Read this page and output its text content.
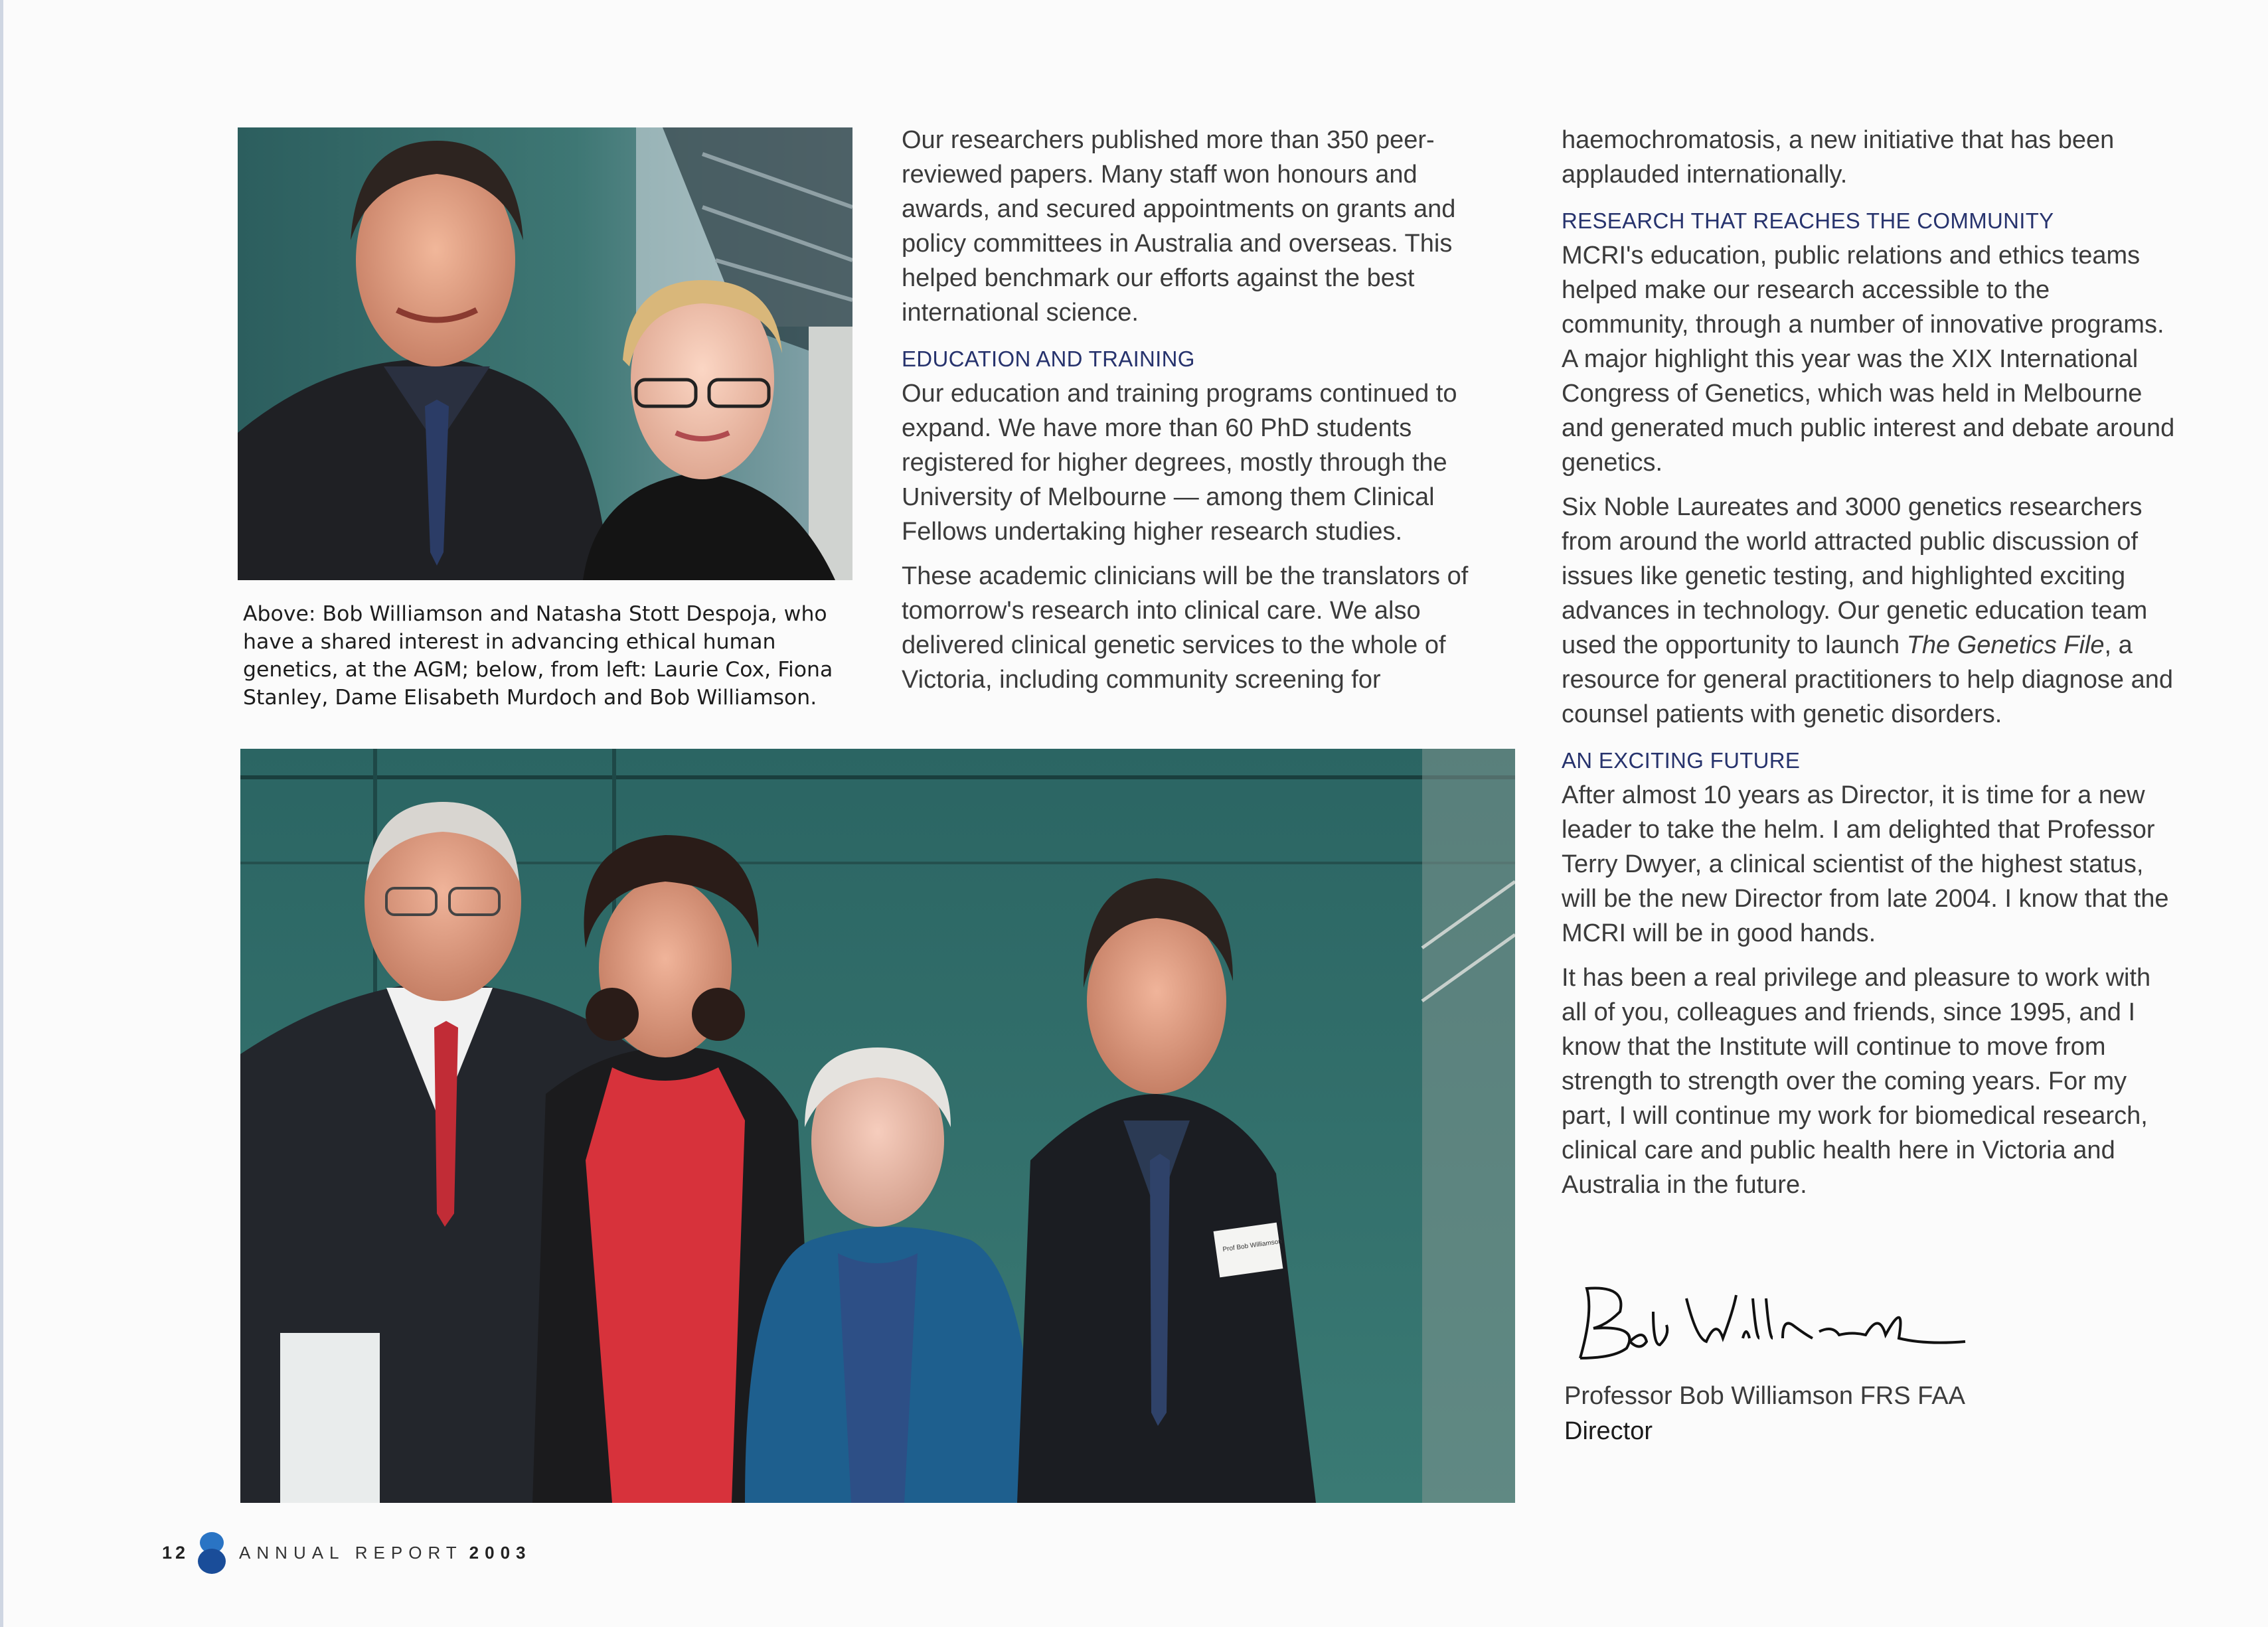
Above: Bob Williamson and Natasha Stott Despoja, who have a shared interest in advancing ethical human genetics, at the AGM; below, from left: Laurie Cox, Fiona Stanley, Dame Elisabeth Murdoch and Bob Williamson.

Our researchers published more than 350 peer-reviewed papers. Many staff won honours and awards, and secured appointments on grants and policy committees in Australia and overseas. This helped benchmark our efforts against the best international science.

EDUCATION AND TRAINING

Our education and training programs continued to expand. We have more than 60 PhD students registered for higher degrees, mostly through the University of Melbourne — among them Clinical Fellows undertaking higher research studies.

These academic clinicians will be the translators of tomorrow's research into clinical care. We also delivered clinical genetic services to the whole of Victoria, including community screening for

haemochromatosis, a new initiative that has been applauded internationally.

RESEARCH THAT REACHES THE COMMUNITY

MCRI's education, public relations and ethics teams helped make our research accessible to the community, through a number of innovative programs. A major highlight this year was the XIX International Congress of Genetics, which was held in Melbourne and generated much public interest and debate around genetics.

Six Noble Laureates and 3000 genetics researchers from around the world attracted public discussion of issues like genetic testing, and highlighted exciting advances in technology. Our genetic education team used the opportunity to launch The Genetics File, a resource for general practitioners to help diagnose and counsel patients with genetic disorders.

AN EXCITING FUTURE

After almost 10 years as Director, it is time for a new leader to take the helm. I am delighted that Professor Terry Dwyer, a clinical scientist of the highest status, will be the new Director from late 2004. I know that the MCRI will be in good hands.

It has been a real privilege and pleasure to work with all of you, colleagues and friends, since 1995, and I know that the Institute will continue to move from strength to strength over the coming years. For my part, I will continue my work for biomedical research, clinical care and public health here in Victoria and Australia in the future.

Prof Bob Williamson
Professor Bob Williamson FRS FAA
Director
12	ANNUAL REPORT 2003
